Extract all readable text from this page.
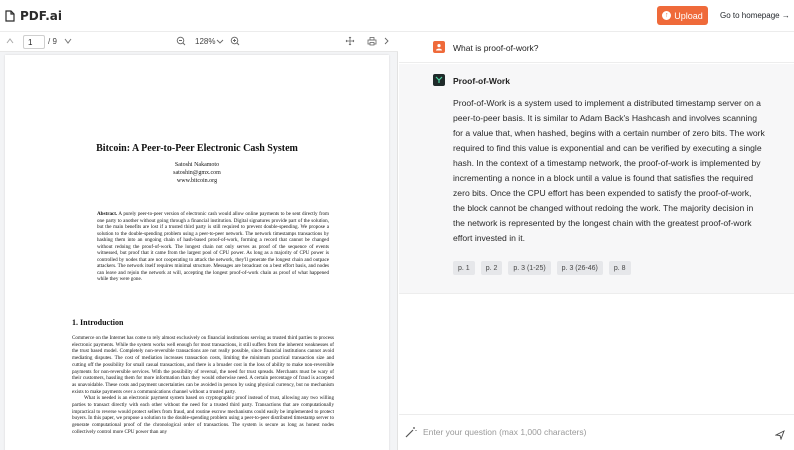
PDF.ai	↑ Upload Go to homepage →
1
/ 9	128%
Bitcoin: A Peer-to-Peer Electronic Cash System
Satoshi Nakamoto
satoshin@gmx.com
www.bitcoin.org
Abstract. A purely peer-to-peer version of electronic cash would allow online payments to be sent directly from one party to another without going through a financial institution. Digital signatures provide part of the solution, but the main benefits are lost if a trusted third party is still required to prevent double-spending. We propose a solution to the double-spending problem using a peer-to-peer network. The network timestamps transactions by hashing them into an ongoing chain of hash-based proof-of-work, forming a record that cannot be changed without redoing the proof-of-work. The longest chain not only serves as proof of the sequence of events witnessed, but proof that it came from the largest pool of CPU power. As long as a majority of CPU power is controlled by nodes that are not cooperating to attack the network, they'll generate the longest chain and outpace attackers. The network itself requires minimal structure. Messages are broadcast on a best effort basis, and nodes can leave and rejoin the network at will, accepting the longest proof-of-work chain as proof of what happened while they were gone.
1. Introduction

Commerce on the Internet has come to rely almost exclusively on financial institutions serving as trusted third parties to process electronic payments. While the system works well enough for most transactions, it still suffers from the inherent weaknesses of the trust based model. Completely non-reversible transactions are not really possible, since financial institutions cannot avoid mediating disputes. The cost of mediation increases transaction costs, limiting the minimum practical transaction size and cutting off the possibility for small casual transactions, and there is a broader cost in the loss of ability to make non-reversible payments for non-reversible services. With the possibility of reversal, the need for trust spreads. Merchants must be wary of their customers, hassling them for more information than they would otherwise need. A certain percentage of fraud is accepted as unavoidable. These costs and payment uncertainties can be avoided in person by using physical currency, but no mechanism exists to make payments over a communications channel without a trusted party.

What is needed is an electronic payment system based on cryptographic proof instead of trust, allowing any two willing parties to transact directly with each other without the need for a trusted third party. Transactions that are computationally impractical to reverse would protect sellers from fraud, and routine escrow mechanisms could easily be implemented to protect buyers. In this paper, we propose a solution to the double-spending problem using a peer-to-peer distributed timestamp server to generate computational proof of the chronological order of transactions. The system is secure as long as honest nodes collectively control more CPU power than any

What is proof-of-work?
Proof-of-Work
Proof-of-Work is a system used to implement a distributed timestamp server on a peer-to-peer basis. It is similar to Adam Back's Hashcash and involves scanning for a value that, when hashed, begins with a certain number of zero bits. The work required to find this value is exponential and can be verified by executing a single hash. In the context of a timestamp network, the proof-of-work is implemented by incrementing a nonce in a block until a value is found that satisfies the required zero bits. Once the CPU effort has been expended to satisfy the proof-of-work, the block cannot be changed without redoing the work. The majority decision in the network is represented by the longest chain with the greatest proof-of-work effort invested in it.
p. 1	p. 2	p. 3 (1-25)	p. 3 (26-46)	p. 8
Enter your question (max 1,000 characters)
